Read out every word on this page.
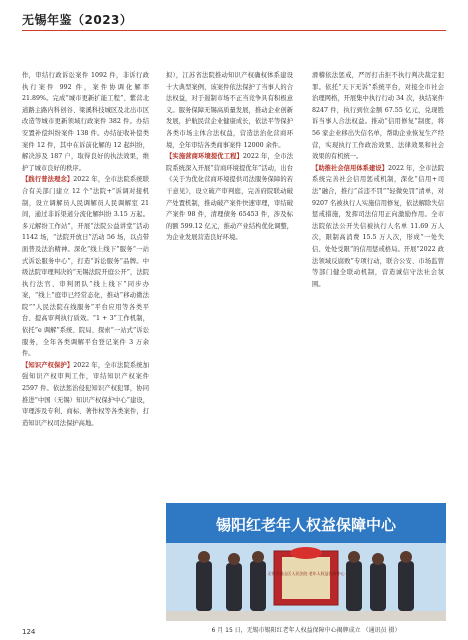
无锡年鉴（2023）

作，审结行政诉讼案件 1092 件，非诉行政执行案件 992 件，案件协调化解率 21.89%。完成“城市更新扩能工程”、紫营北道路主路内科创谷、梁溪科技城区及北出市区改造等城市更新领域行政案件 382 件。办结安置补偿纠纷案件 138 件。办结征收补偿类案件 12 件，其中在诉前化解的 12 起纠纷，解决涉及 187 户，取得良好的执法效果，维护了城市良好的秩序。

【践行普法理念】2022 年，全市法院系统联合有关部门建立 12 个“法院+”诉调对接机制，设立调解员人民调解员人民调解室 21 间，通过非诉渠道分流化解纠纷 3.15 万起。多元解纷工作站”，开展“法院公益讲堂”活动 1142 场，“法院开放日”活动 56 场，以点带面普及法治精神。深化“线上线下”服务“一站式诉讼服务中心”，打造“诉讼服务”品牌。中级法院审理判决的“无锡法院开庭公开”，法院执行法官、审判团队“线上线下”同步办案，“线上”庭审已经常态化，推动“移动微法院”“人民法院在线服务”平台应用等各类平台、提高审判执行质效。“1 + 3”工作机制，依托“e 调解”系统、院局、探索“一站式”诉讼服务，全年各类调解平台登记案件 3 万余件。

【知识产权保护】2022 年，全市法院系统加强知识产权审判工作，审结知识产权案件 2597 件。依法惩治侵犯知识产权犯罪，协同推进“中国（无锡）知识产权保护中心”建设，审理涉及专利、商标、著作权等各类案件，打造知识产权司法保护高地。

拟），江苏省法院推动知识产权确权体系建设十大典型案例，该案件依法保护了当事人的合法权益，对于遏制市场不正当竞争具有积极意义。服务保障无锡高质量发展，推动企业创新发展，护航民营企业健康成长，依法平等保护各类市场主体合法权益，营造法治化营商环境，全年审结各类商事案件 12000 余件。

【实施营商环境提优工程】2022 年，全市法院系统深入开展“营商环境提优年”活动，出台《关于为优化营商环境提供司法服务保障的若干意见》，设立破产审判庭，完善府院联动破产处置机制，推动破产案件快速审理，审结破产案件 98 件，清理债务 65453 件，涉及标的额 599.12 亿元，推动产业结构优化调整，为企业发展营造良好环境。

滑稽依法惩戒，严厉打击拒不执行判决裁定犯罪。依托“天下无诉”系统平台，对接全市社会治理网格，开展集中执行行动 34 次，执结案件 8247 件，执行到位金额 67.55 亿元，兑现胜诉当事人合法权益。推动“信用修复”制度，将 56 家企业移出失信名单，帮助企业恢复生产经营，实现执行工作政治效果、法律效果和社会效果的有机统一。

【助推社会信用体系建设】2022 年，全市法院系统完善社会信用惩戒机制，深化“信用+司法”融合，推行“首违不罚”“轻微免罚”清单，对 9207 名被执行人实施信用修复，依法解除失信惩戒措施，发挥司法信用正向激励作用。全市法院依法公开失信被执行人名单 11.69 万人次，限制高消费 15.5 万人次，形成“一处失信、处处受限”的信用惩戒格局。开展“2022 政法领域反腐败”专项行动，联合公安、市场监管等部门健全联动机制，营造诚信守法社会氛围。

锡阳红老年人权益保障中心
无锡市惠山区人民法院 老年人权益保障中心
6 月 15 日，无锡市锡阳红老年人权益保障中心揭牌成立 （通讯员 摄）
124
